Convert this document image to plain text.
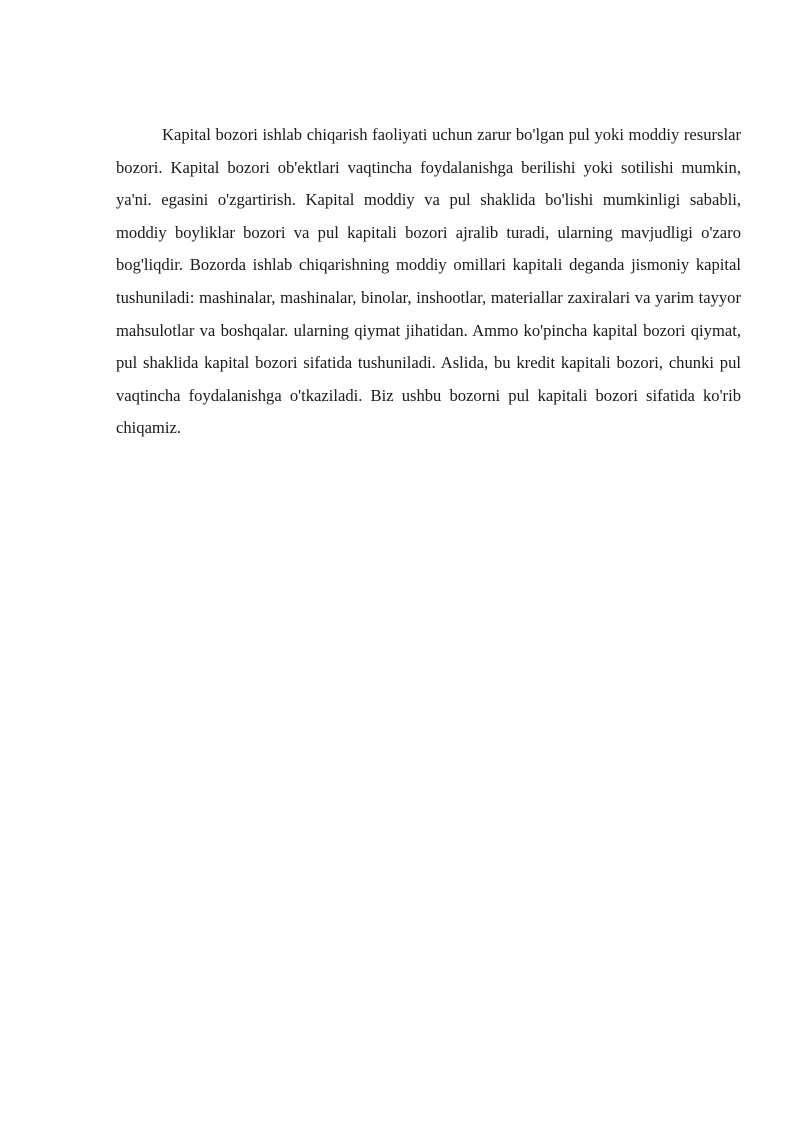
Kapital bozori ishlab chiqarish faoliyati uchun zarur bo'lgan pul yoki moddiy resurslar bozori. Kapital bozori ob'ektlari vaqtincha foydalanishga berilishi yoki sotilishi mumkin, ya'ni. egasini o'zgartirish. Kapital moddiy va pul shaklida bo'lishi mumkinligi sababli, moddiy boyliklar bozori va pul kapitali bozori ajralib turadi, ularning mavjudligi o'zaro bog'liqdir. Bozorda ishlab chiqarishning moddiy omillari kapitali deganda jismoniy kapital tushuniladi: mashinalar, mashinalar, binolar, inshootlar, materiallar zaxiralari va yarim tayyor mahsulotlar va boshqalar. ularning qiymat jihatidan. Ammo ko'pincha kapital bozori qiymat, pul shaklida kapital bozori sifatida tushuniladi. Aslida, bu kredit kapitali bozori, chunki pul vaqtincha foydalanishga o'tkaziladi. Biz ushbu bozorni pul kapitali bozori sifatida ko'rib chiqamiz.
